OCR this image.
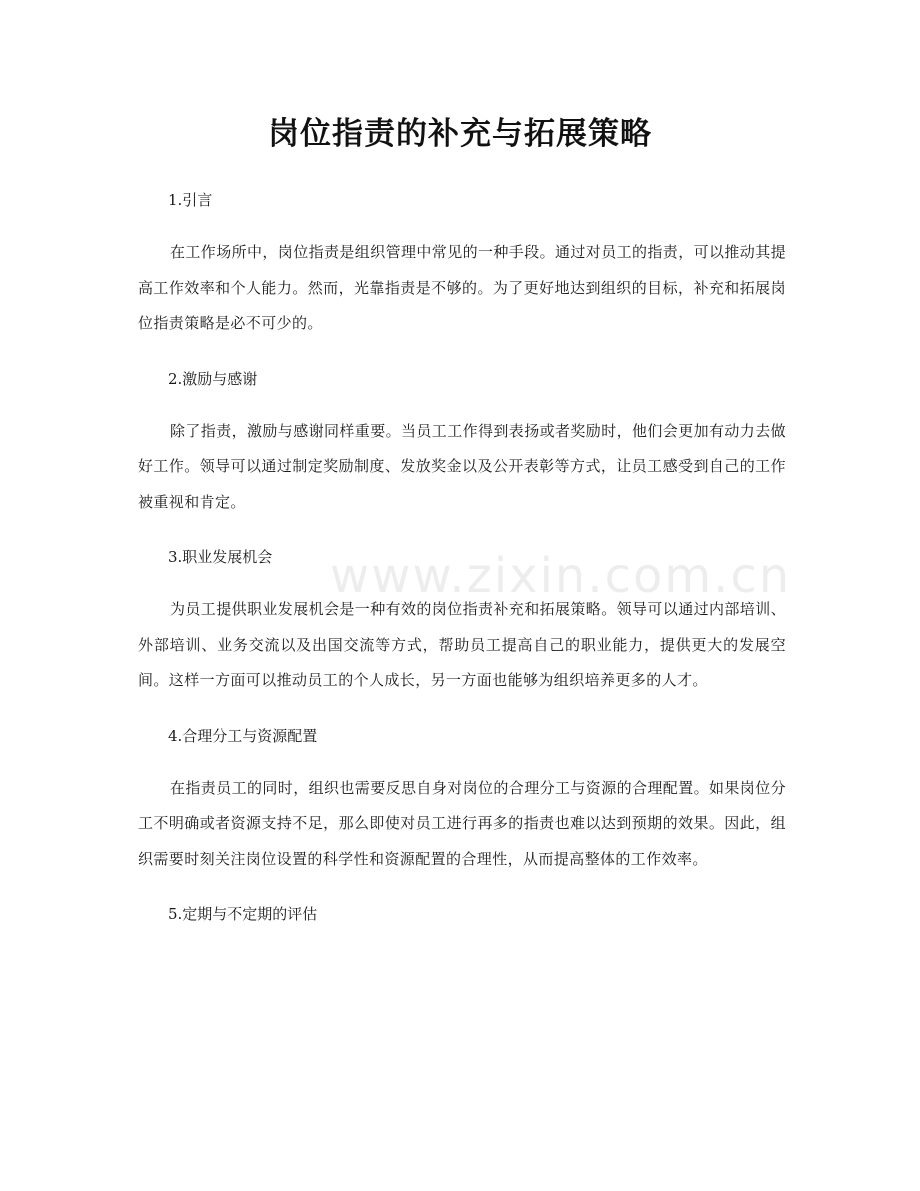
岗位指责的补充与拓展策略
www.zixin.com.cn
1.引言

在工作场所中，岗位指责是组织管理中常见的一种手段。通过对员工的指责，可以推动其提高工作效率和个人能力。然而，光靠指责是不够的。为了更好地达到组织的目标，补充和拓展岗位指责策略是必不可少的。

2.激励与感谢

除了指责，激励与感谢同样重要。当员工工作得到表扬或者奖励时，他们会更加有动力去做好工作。领导可以通过制定奖励制度、发放奖金以及公开表彰等方式，让员工感受到自己的工作被重视和肯定。

3.职业发展机会

为员工提供职业发展机会是一种有效的岗位指责补充和拓展策略。领导可以通过内部培训、外部培训、业务交流以及出国交流等方式，帮助员工提高自己的职业能力，提供更大的发展空间。这样一方面可以推动员工的个人成长，另一方面也能够为组织培养更多的人才。

4.合理分工与资源配置

在指责员工的同时，组织也需要反思自身对岗位的合理分工与资源的合理配置。如果岗位分工不明确或者资源支持不足，那么即使对员工进行再多的指责也难以达到预期的效果。因此，组织需要时刻关注岗位设置的科学性和资源配置的合理性，从而提高整体的工作效率。

5.定期与不定期的评估
